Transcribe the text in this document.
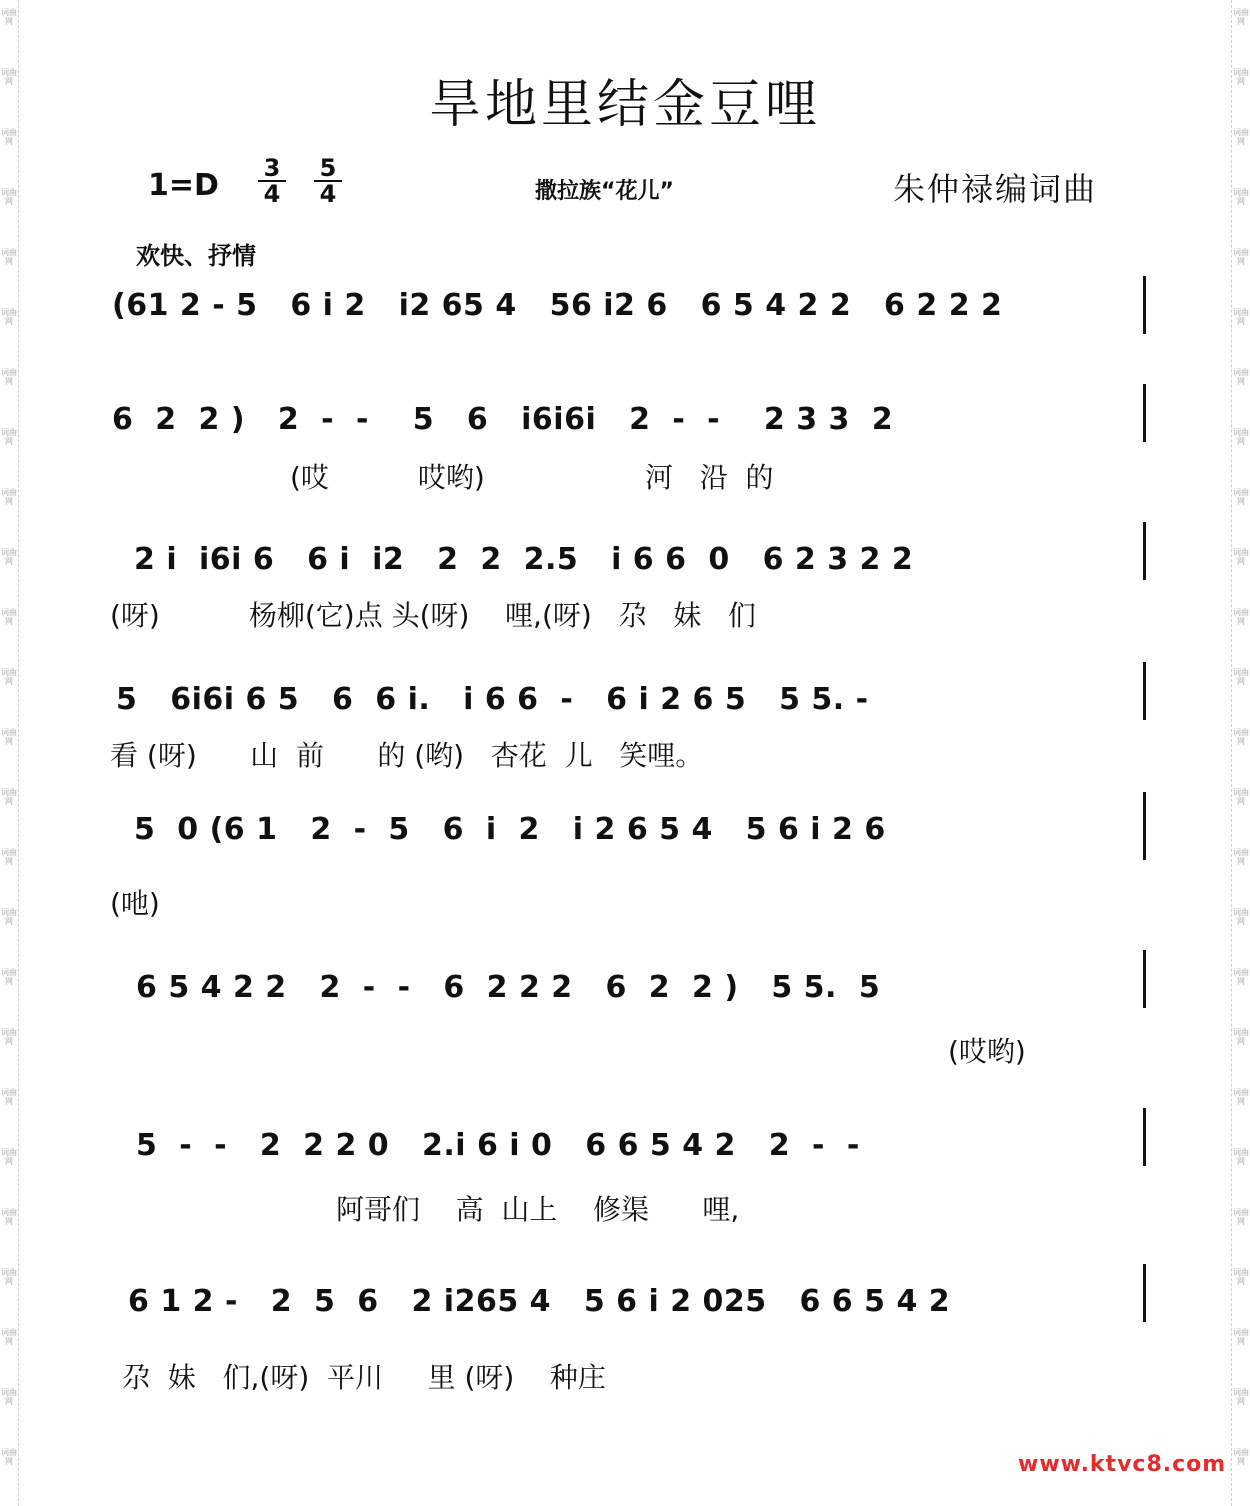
词曲网
词曲网
词曲网
词曲网
词曲网
词曲网
词曲网
词曲网
词曲网
词曲网
词曲网
词曲网
词曲网
词曲网
词曲网
词曲网
词曲网
词曲网
词曲网
词曲网
词曲网
词曲网
词曲网
词曲网
词曲网
词曲网
词曲网
词曲网
词曲网
词曲网
词曲网
词曲网
词曲网
词曲网
词曲网
词曲网
词曲网
词曲网
词曲网
词曲网
词曲网
词曲网
词曲网
词曲网
词曲网
词曲网
词曲网
词曲网
词曲网
词曲网
旱地里结金豆哩
$1=D \frac{3}{4} \frac{5}{4}$	撒拉族“花儿”	朱仲禄编词曲
欢快、抒情
(61 2 - 5   6 i 2   i2 65 4   56 i2 6   6 5 4 2 2   6 2 2 2
6  2  2 )   2  -  -    5   6   i6i6i   2  -  -    2 3 3  2
(哎          哎哟)                  河   沿  的
2 i  i6i 6   6 i  i2   2  2  2.5   i 6 6  0   6 2 3 2 2
(呀)          杨柳(它)点 头(呀)    哩,(呀)   尕   妹   们
5   6i6i 6 5   6  6 i.   i 6 6  -   6 i 2 6 5   5 5. -
看 (呀)      山  前      的 (哟)   杏花  儿   笑哩。
5  0 (6 1   2  -  5   6  i  2   i 2 6 5 4   5 6 i 2 6
(吔)
6 5 4 2 2   2  -  -   6  2 2 2   6  2  2 )   5 5.  5
(哎哟)
5  -  -   2  2 2 0   2.i 6 i 0   6 6 5 4 2   2  -  -
阿哥们    高  山上    修渠      哩,
6 1 2 -   2  5  6   2 i265 4   5 6 i 2 025   6 6 5 4 2
尕  妹   们,(呀)  平川     里 (呀)    种庄
www.ktvc8.com
